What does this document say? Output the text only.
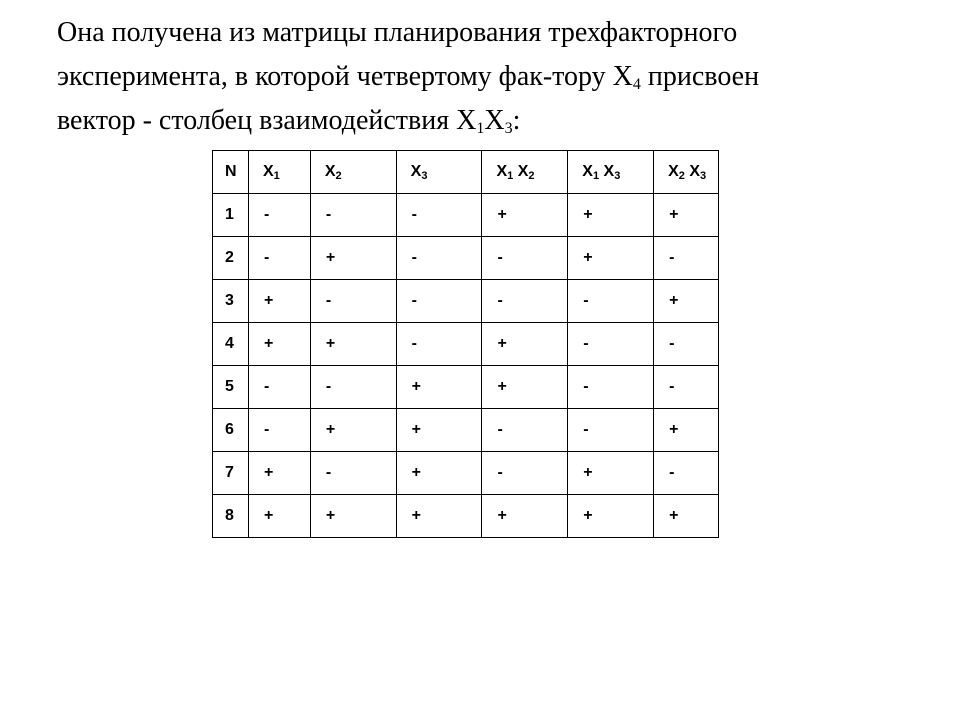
Она получена из матрицы планирования трехфакторного
эксперимента, в которой четвертому фак-тору $Х_4$ присвоен
вектор - столбец взаимодействия $Х_1Х_3$:

N	$X_1$	$X_2$	$X_3$	$X_1$ $X_2$	$X_1$ $X_3$	$X_2$ $X_3$
1	-	-	-	+	+	+
2	-	+	-	-	+	-
3	+	-	-	-	-	+
4	+	+	-	+	-	-
5	-	-	+	+	-	-
6	-	+	+	-	-	+
7	+	-	+	-	+	-
8	+	+	+	+	+	+
